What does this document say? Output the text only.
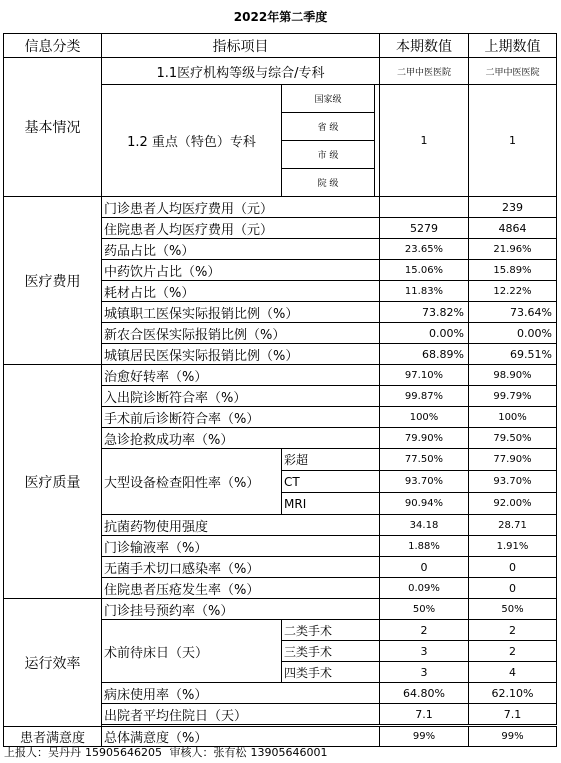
2022年第二季度
信息分类	指标项目			本期数值	上期数值
基本情况	1.1医疗机构等级与综合/专科			二甲中医医院	二甲中医医院
	1.2 重点（特色）专科	国家级		1	1
		省 级			
		市 级			
		院 级			
医疗费用	门诊患者人均医疗费用（元）				239
	住院患者人均医疗费用（元）			5279	4864
	药品占比（%）			23.65%	21.96%
	中药饮片占比（%）			15.06%	15.89%
	耗材占比（%）			11.83%	12.22%
	城镇职工医保实际报销比例（%）			73.82%	73.64%
	新农合医保实际报销比例（%）			0.00%	0.00%
	城镇居民医保实际报销比例（%）			68.89%	69.51%
医疗质量	治愈好转率（%）			97.10%	98.90%
	入出院诊断符合率（%）			99.87%	99.79%
	手术前后诊断符合率（%）			100%	100%
	急诊抢救成功率（%）			79.90%	79.50%
	大型设备检查阳性率（%）	彩超		77.50%	77.90%
		CT		93.70%	93.70%
		MRI		90.94%	92.00%
	抗菌药物使用强度			34.18	28.71
	门诊输液率（%）			1.88%	1.91%
	无菌手术切口感染率（%）			0	0
	住院患者压疮发生率（%）			0.09%	0
运行效率	门诊挂号预约率（%）			50%	50%
	术前待床日（天）	二类手术		2	2
		三类手术		3	2
		四类手术		3	4
	病床使用率（%）			64.80%	62.10%
	出院者平均住院日（天）			7.1	7.1

患者满意度	总体满意度（%）			99%	99%
上报人：吴丹丹 15905646205 审核人：张有松 13905646001
